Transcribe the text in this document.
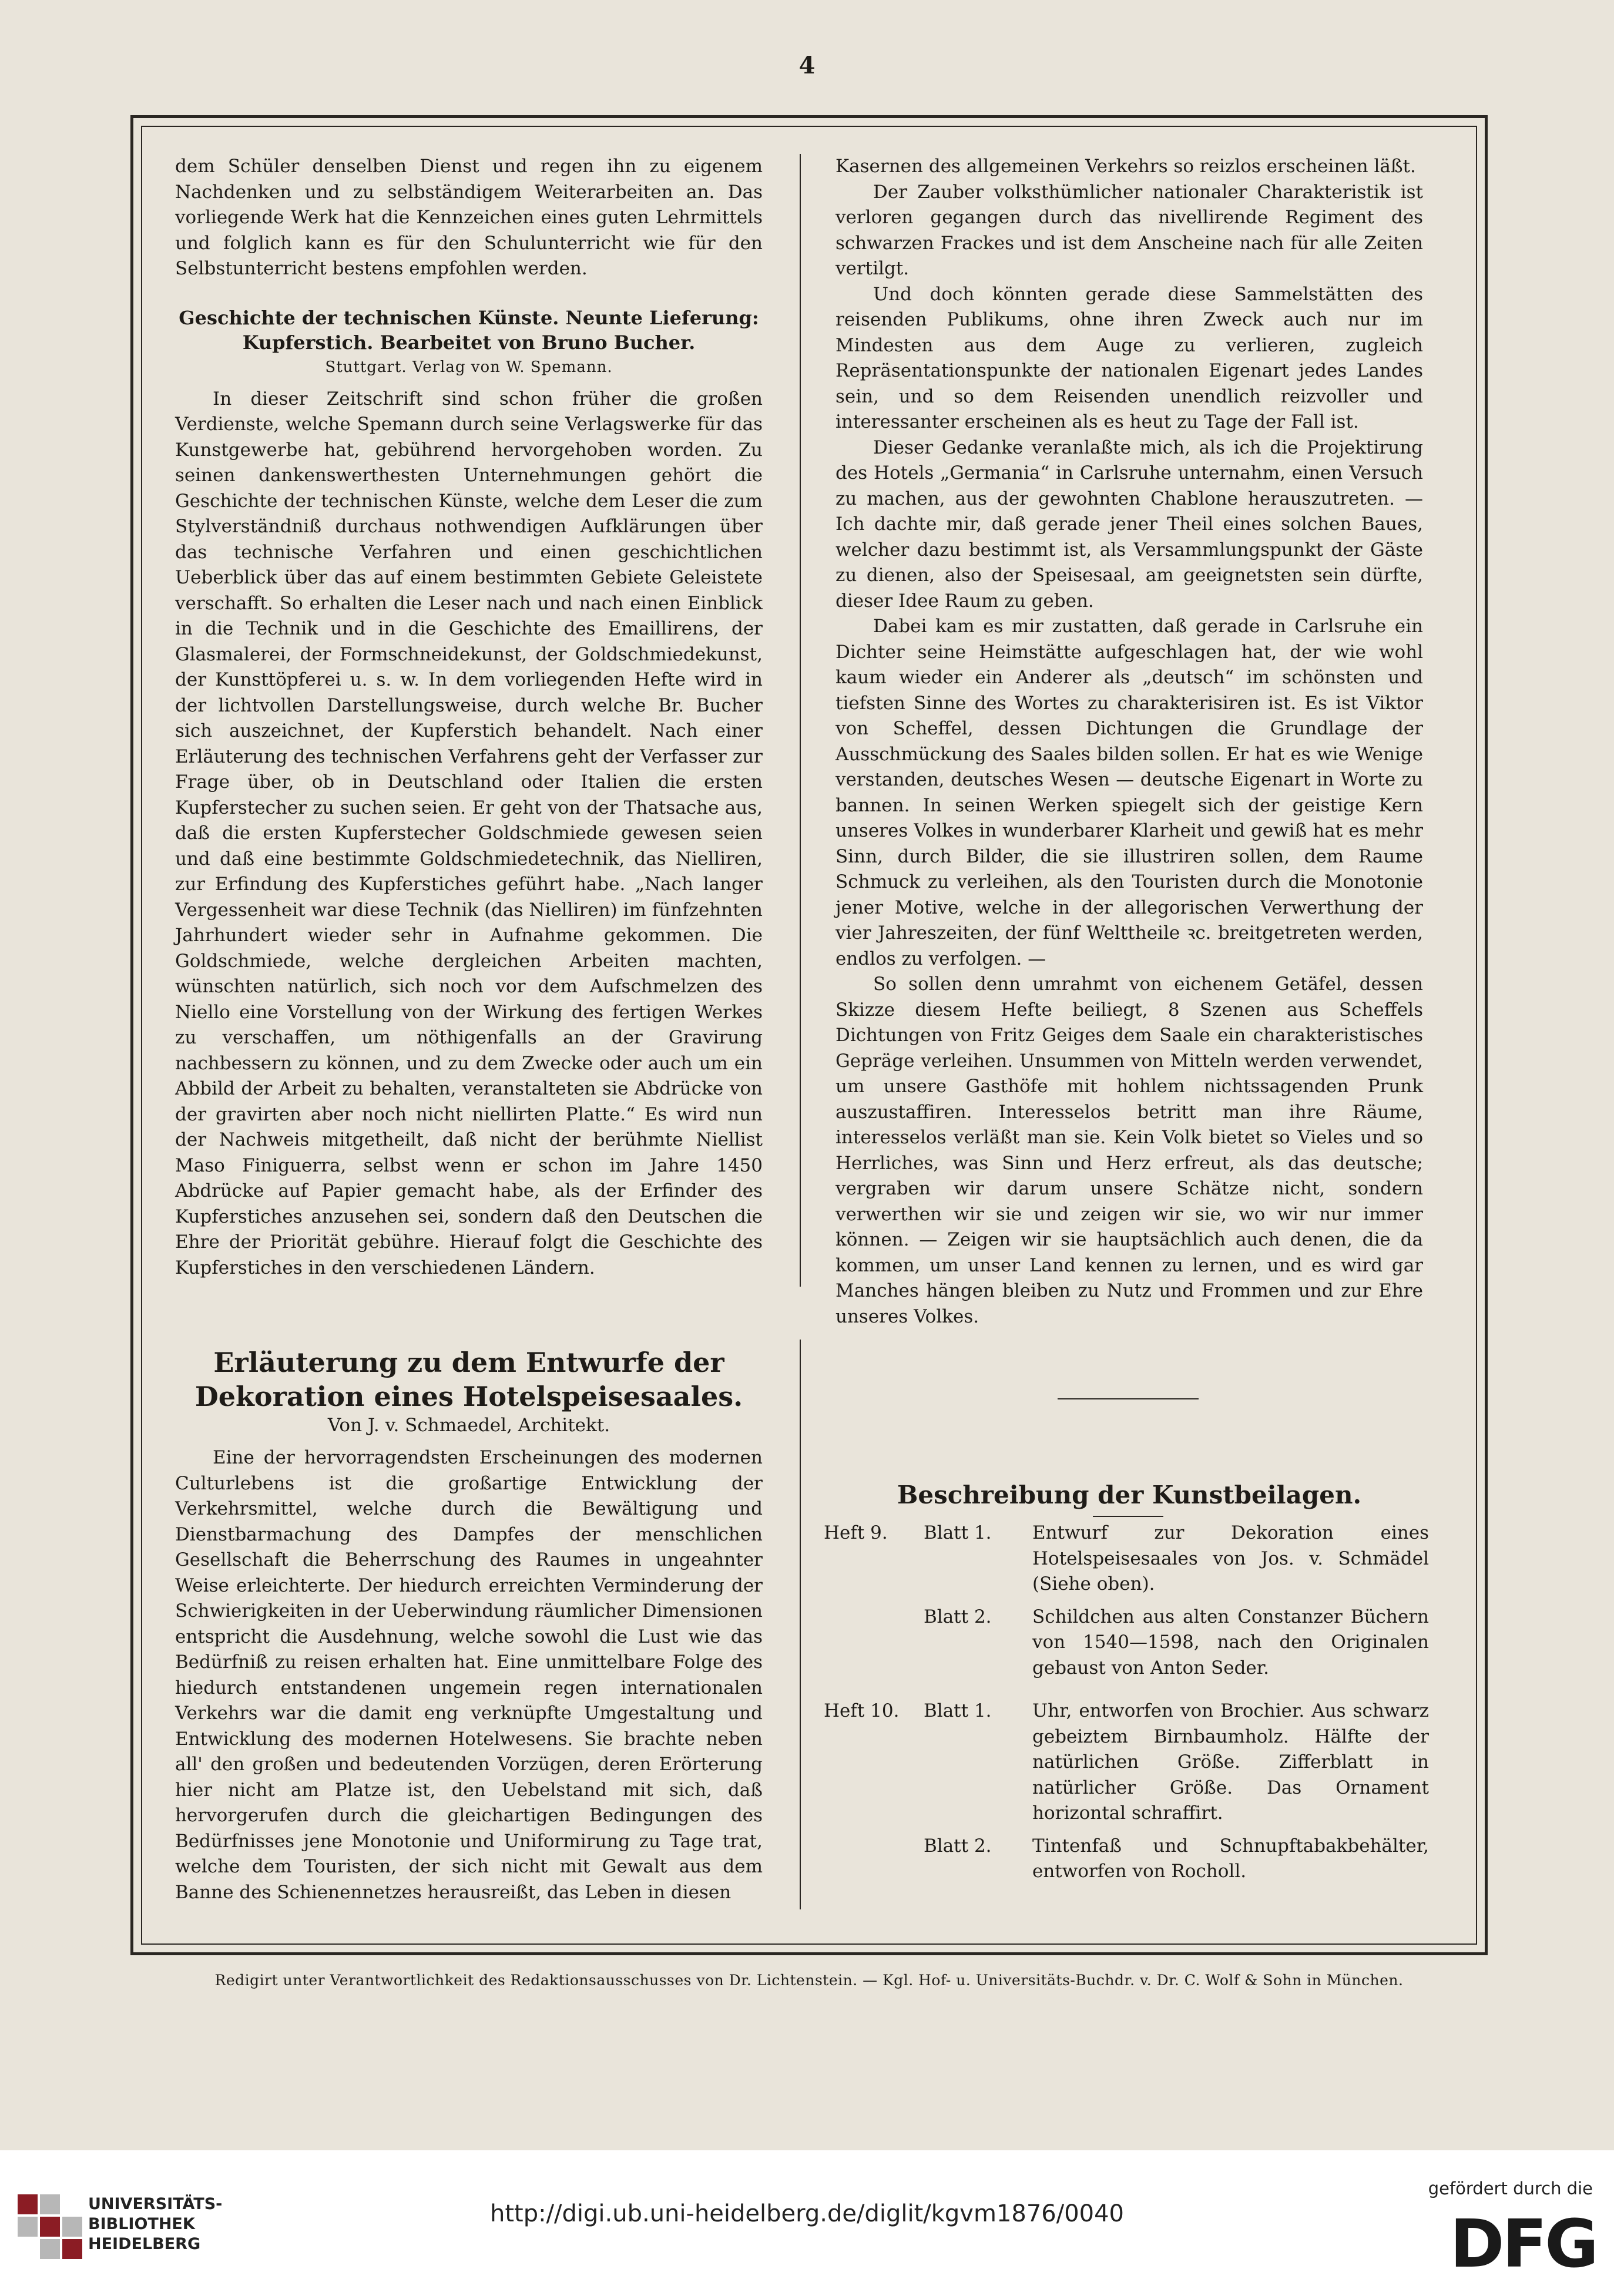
4

dem Schüler denselben Dienst und regen ihn zu eigenem Nachdenken und zu selbständigem Weiterarbeiten an. Das vorliegende Werk hat die Kennzeichen eines guten Lehrmittels und folglich kann es für den Schulunterricht wie für den Selbstunterricht bestens empfohlen werden.

Geschichte der technischen Künste. Neunte Lieferung: Kupferstich. Bearbeitet von Bruno Bucher.
Stuttgart. Verlag von W. Spemann.

In dieser Zeitschrift sind schon früher die großen Verdienste, welche Spemann durch seine Verlagswerke für das Kunstgewerbe hat, gebührend hervorgehoben worden. Zu seinen dankenswerthesten Unternehmungen gehört die Geschichte der technischen Künste, welche dem Leser die zum Stylverständniß durchaus nothwendigen Aufklärungen über das technische Verfahren und einen geschichtlichen Ueberblick über das auf einem bestimmten Gebiete Geleistete verschafft. So erhalten die Leser nach und nach einen Einblick in die Technik und in die Geschichte des Emaillirens, der Glasmalerei, der Formschneidekunst, der Goldschmiedekunst, der Kunsttöpferei u. s. w. In dem vorliegenden Hefte wird in der lichtvollen Darstellungsweise, durch welche Br. Bucher sich auszeichnet, der Kupferstich behandelt. Nach einer Erläuterung des technischen Verfahrens geht der Verfasser zur Frage über, ob in Deutschland oder Italien die ersten Kupferstecher zu suchen seien. Er geht von der Thatsache aus, daß die ersten Kupferstecher Goldschmiede gewesen seien und daß eine bestimmte Goldschmiedetechnik, das Nielliren, zur Erfindung des Kupferstiches geführt habe. „Nach langer Vergessenheit war diese Technik (das Nielliren) im fünfzehnten Jahrhundert wieder sehr in Aufnahme gekommen. Die Goldschmiede, welche dergleichen Arbeiten machten, wünschten natürlich, sich noch vor dem Aufschmelzen des Niello eine Vorstellung von der Wirkung des fertigen Werkes zu verschaffen, um nöthigenfalls an der Gravirung nachbessern zu können, und zu dem Zwecke oder auch um ein Abbild der Arbeit zu behalten, veranstalteten sie Abdrücke von der gravirten aber noch nicht niellirten Platte.“ Es wird nun der Nachweis mitgetheilt, daß nicht der berühmte Niellist Maso Finiguerra, selbst wenn er schon im Jahre 1450 Abdrücke auf Papier gemacht habe, als der Erfinder des Kupferstiches anzusehen sei, sondern daß den Deutschen die Ehre der Priorität gebühre. Hierauf folgt die Geschichte des Kupferstiches in den verschiedenen Ländern.

Erläuterung zu dem Entwurfe der Dekoration eines Hotelspeisesaales.
Von J. v. Schmaedel, Architekt.

Eine der hervorragendsten Erscheinungen des modernen Culturlebens ist die großartige Entwicklung der Verkehrsmittel, welche durch die Bewältigung und Dienstbarmachung des Dampfes der menschlichen Gesellschaft die Beherrschung des Raumes in ungeahnter Weise erleichterte. Der hiedurch erreichten Verminderung der Schwierigkeiten in der Ueberwindung räumlicher Dimensionen entspricht die Ausdehnung, welche sowohl die Lust wie das Bedürfniß zu reisen erhalten hat. Eine unmittelbare Folge des hiedurch entstandenen ungemein regen internationalen Verkehrs war die damit eng verknüpfte Umgestaltung und Entwicklung des modernen Hotelwesens. Sie brachte neben all' den großen und bedeutenden Vorzügen, deren Erörterung hier nicht am Platze ist, den Uebelstand mit sich, daß hervorgerufen durch die gleichartigen Bedingungen des Bedürfnisses jene Monotonie und Uniformirung zu Tage trat, welche dem Touristen, der sich nicht mit Gewalt aus dem Banne des Schienennetzes herausreißt, das Leben in diesen

Kasernen des allgemeinen Verkehrs so reizlos erscheinen läßt.

Der Zauber volksthümlicher nationaler Charakteristik ist verloren gegangen durch das nivellirende Regiment des schwarzen Frackes und ist dem Anscheine nach für alle Zeiten vertilgt.

Und doch könnten gerade diese Sammelstätten des reisenden Publikums, ohne ihren Zweck auch nur im Mindesten aus dem Auge zu verlieren, zugleich Repräsentationspunkte der nationalen Eigenart jedes Landes sein, und so dem Reisenden unendlich reizvoller und interessanter erscheinen als es heut zu Tage der Fall ist.

Dieser Gedanke veranlaßte mich, als ich die Projektirung des Hotels „Germania“ in Carlsruhe unternahm, einen Versuch zu machen, aus der gewohnten Chablone herauszutreten. — Ich dachte mir, daß gerade jener Theil eines solchen Baues, welcher dazu bestimmt ist, als Versammlungspunkt der Gäste zu dienen, also der Speisesaal, am geeignetsten sein dürfte, dieser Idee Raum zu geben.

Dabei kam es mir zustatten, daß gerade in Carlsruhe ein Dichter seine Heimstätte aufgeschlagen hat, der wie wohl kaum wieder ein Anderer als „deutsch“ im schönsten und tiefsten Sinne des Wortes zu charakterisiren ist. Es ist Viktor von Scheffel, dessen Dichtungen die Grundlage der Ausschmückung des Saales bilden sollen. Er hat es wie Wenige verstanden, deutsches Wesen — deutsche Eigenart in Worte zu bannen. In seinen Werken spiegelt sich der geistige Kern unseres Volkes in wunderbarer Klarheit und gewiß hat es mehr Sinn, durch Bilder, die sie illustriren sollen, dem Raume Schmuck zu verleihen, als den Touristen durch die Monotonie jener Motive, welche in der allegorischen Verwerthung der vier Jahreszeiten, der fünf Welttheile ꝛc. breitgetreten werden, endlos zu verfolgen. —

So sollen denn umrahmt von eichenem Getäfel, dessen Skizze diesem Hefte beiliegt, 8 Szenen aus Scheffels Dichtungen von Fritz Geiges dem Saale ein charakteristisches Gepräge verleihen. Unsummen von Mitteln werden verwendet, um unsere Gasthöfe mit hohlem nichtssagenden Prunk auszustaffiren. Interesselos betritt man ihre Räume, interesselos verläßt man sie. Kein Volk bietet so Vieles und so Herrliches, was Sinn und Herz erfreut, als das deutsche; vergraben wir darum unsere Schätze nicht, sondern verwerthen wir sie und zeigen wir sie, wo wir nur immer können. — Zeigen wir sie hauptsächlich auch denen, die da kommen, um unser Land kennen zu lernen, und es wird gar Manches hängen bleiben zu Nutz und Frommen und zur Ehre unseres Volkes.

Beschreibung der Kunstbeilagen.
Heft 9.	Blatt 1.	Entwurf zur Dekoration eines Hotelspeisesaales von Jos. v. Schmädel (Siehe oben).
Blatt 2.	Schildchen aus alten Constanzer Büchern von 1540—1598, nach den Originalen gebaust von Anton Seder.
Heft 10.	Blatt 1.	Uhr, entworfen von Brochier. Aus schwarz gebeiztem Birnbaumholz. Hälfte der natürlichen Größe. Zifferblatt in natürlicher Größe. Das Ornament horizontal schraffirt.
Blatt 2.	Tintenfaß und Schnupftabakbehälter, entworfen von Rocholl.
Redigirt unter Verantwortlichkeit des Redaktionsausschusses von Dr. Lichtenstein. — Kgl. Hof- u. Universitäts-Buchdr. v. Dr. C. Wolf & Sohn in München.
UNIVERSITÄTS-
BIBLIOTHEK
HEIDELBERG
http://digi.ub.uni-heidelberg.de/diglit/kgvm1876/0040
gefördert durch die
DFG
